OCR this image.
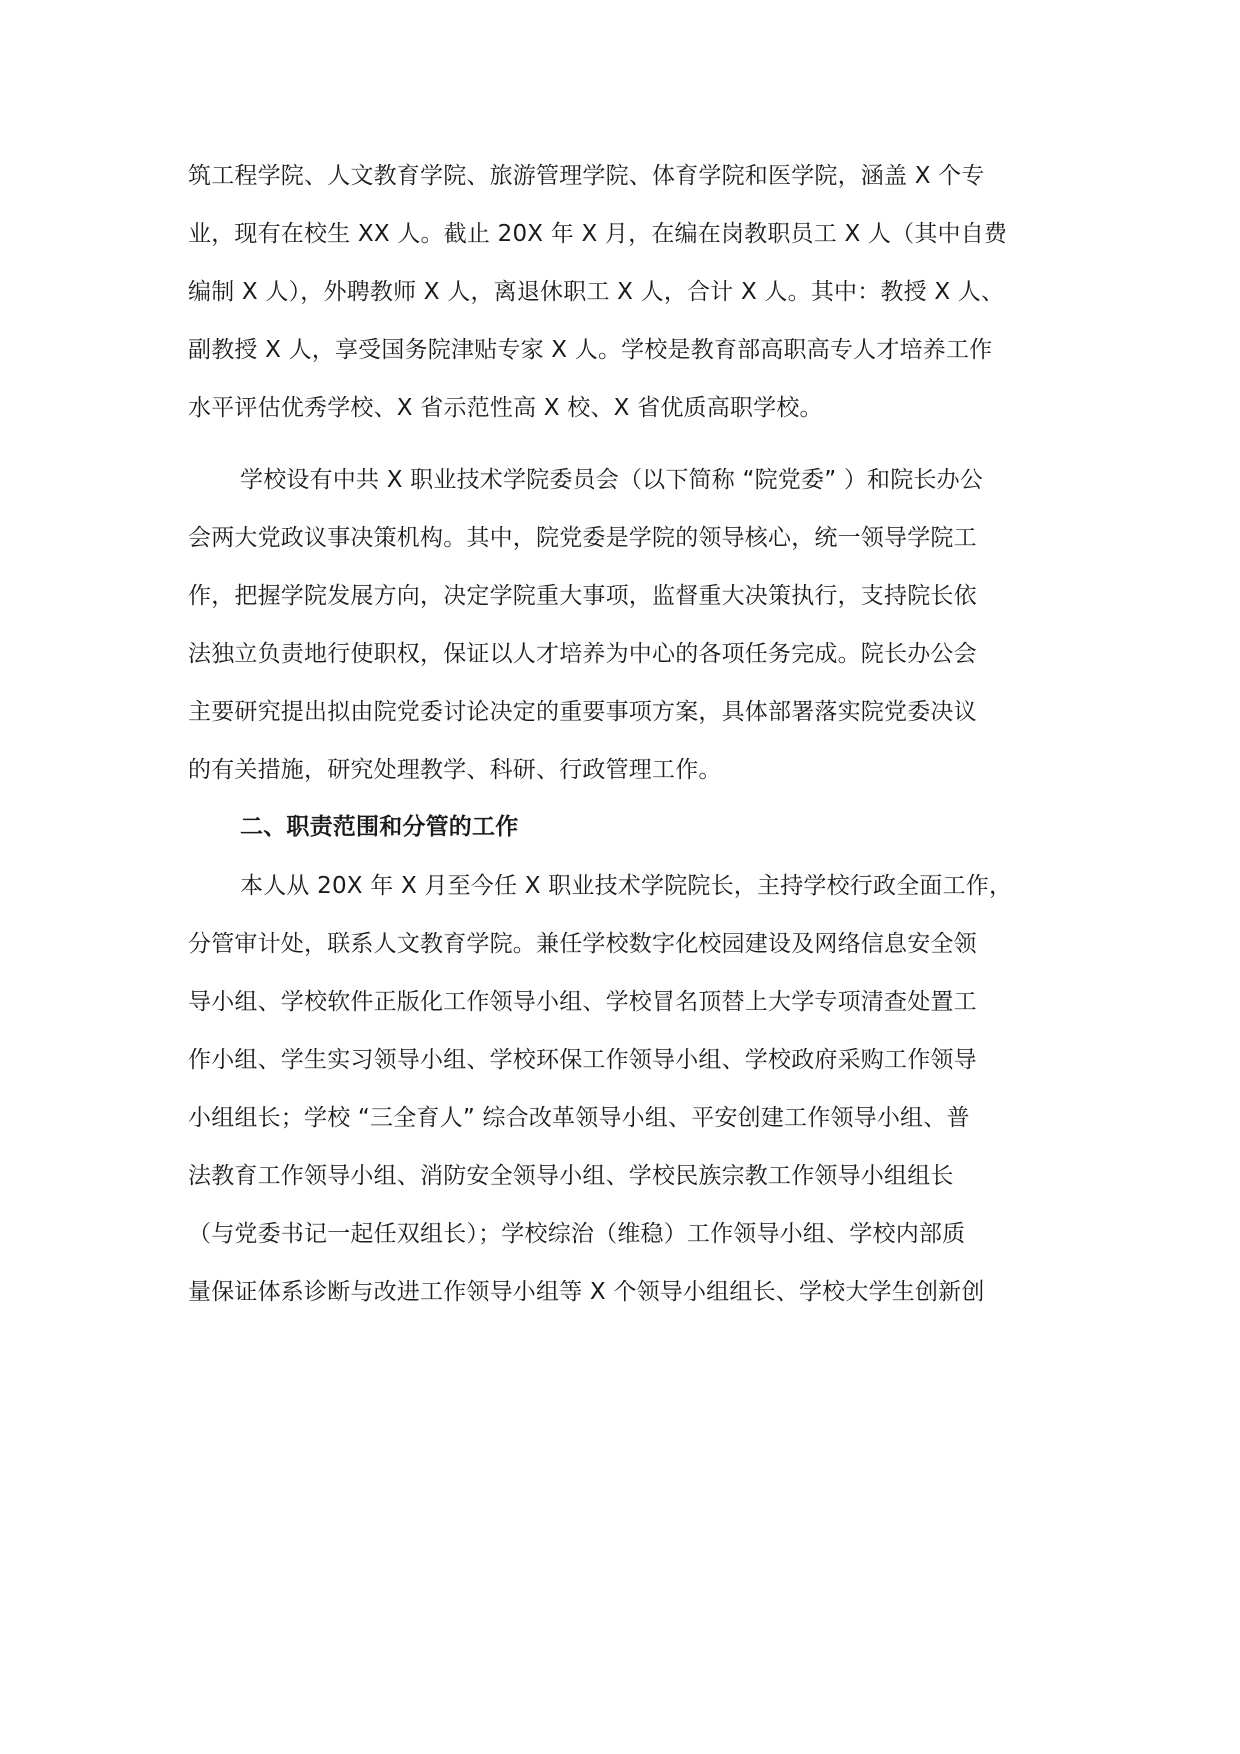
筑工程学院、人文教育学院、旅游管理学院、体育学院和医学院，涵盖 X 个专
业，现有在校生 XX 人。截止 20X 年 X 月，在编在岗教职员工 X 人（其中自费
编制 X 人），外聘教师 X 人，离退休职工 X 人，合计 X 人。其中：教授 X 人、
副教授 X 人，享受国务院津贴专家 X 人。学校是教育部高职高专人才培养工作
水平评估优秀学校、X 省示范性高 X 校、X 省优质高职学校。
学校设有中共 X 职业技术学院委员会（以下简称 “院党委” ）和院长办公
会两大党政议事决策机构。其中，院党委是学院的领导核心，统一领导学院工
作，把握学院发展方向，决定学院重大事项，监督重大决策执行，支持院长依
法独立负责地行使职权，保证以人才培养为中心的各项任务完成。院长办公会
主要研究提出拟由院党委讨论决定的重要事项方案，具体部署落实院党委决议
的有关措施，研究处理教学、科研、行政管理工作。
二、职责范围和分管的工作
本人从 20X 年 X 月至今任 X 职业技术学院院长，主持学校行政全面工作，
分管审计处，联系人文教育学院。兼任学校数字化校园建设及网络信息安全领
导小组、学校软件正版化工作领导小组、学校冒名顶替上大学专项清查处置工
作小组、学生实习领导小组、学校环保工作领导小组、学校政府采购工作领导
小组组长；学校 “三全育人” 综合改革领导小组、平安创建工作领导小组、普
法教育工作领导小组、消防安全领导小组、学校民族宗教工作领导小组组长
（与党委书记一起任双组长）；学校综治（维稳）工作领导小组、学校内部质
量保证体系诊断与改进工作领导小组等 X 个领导小组组长、学校大学生创新创
